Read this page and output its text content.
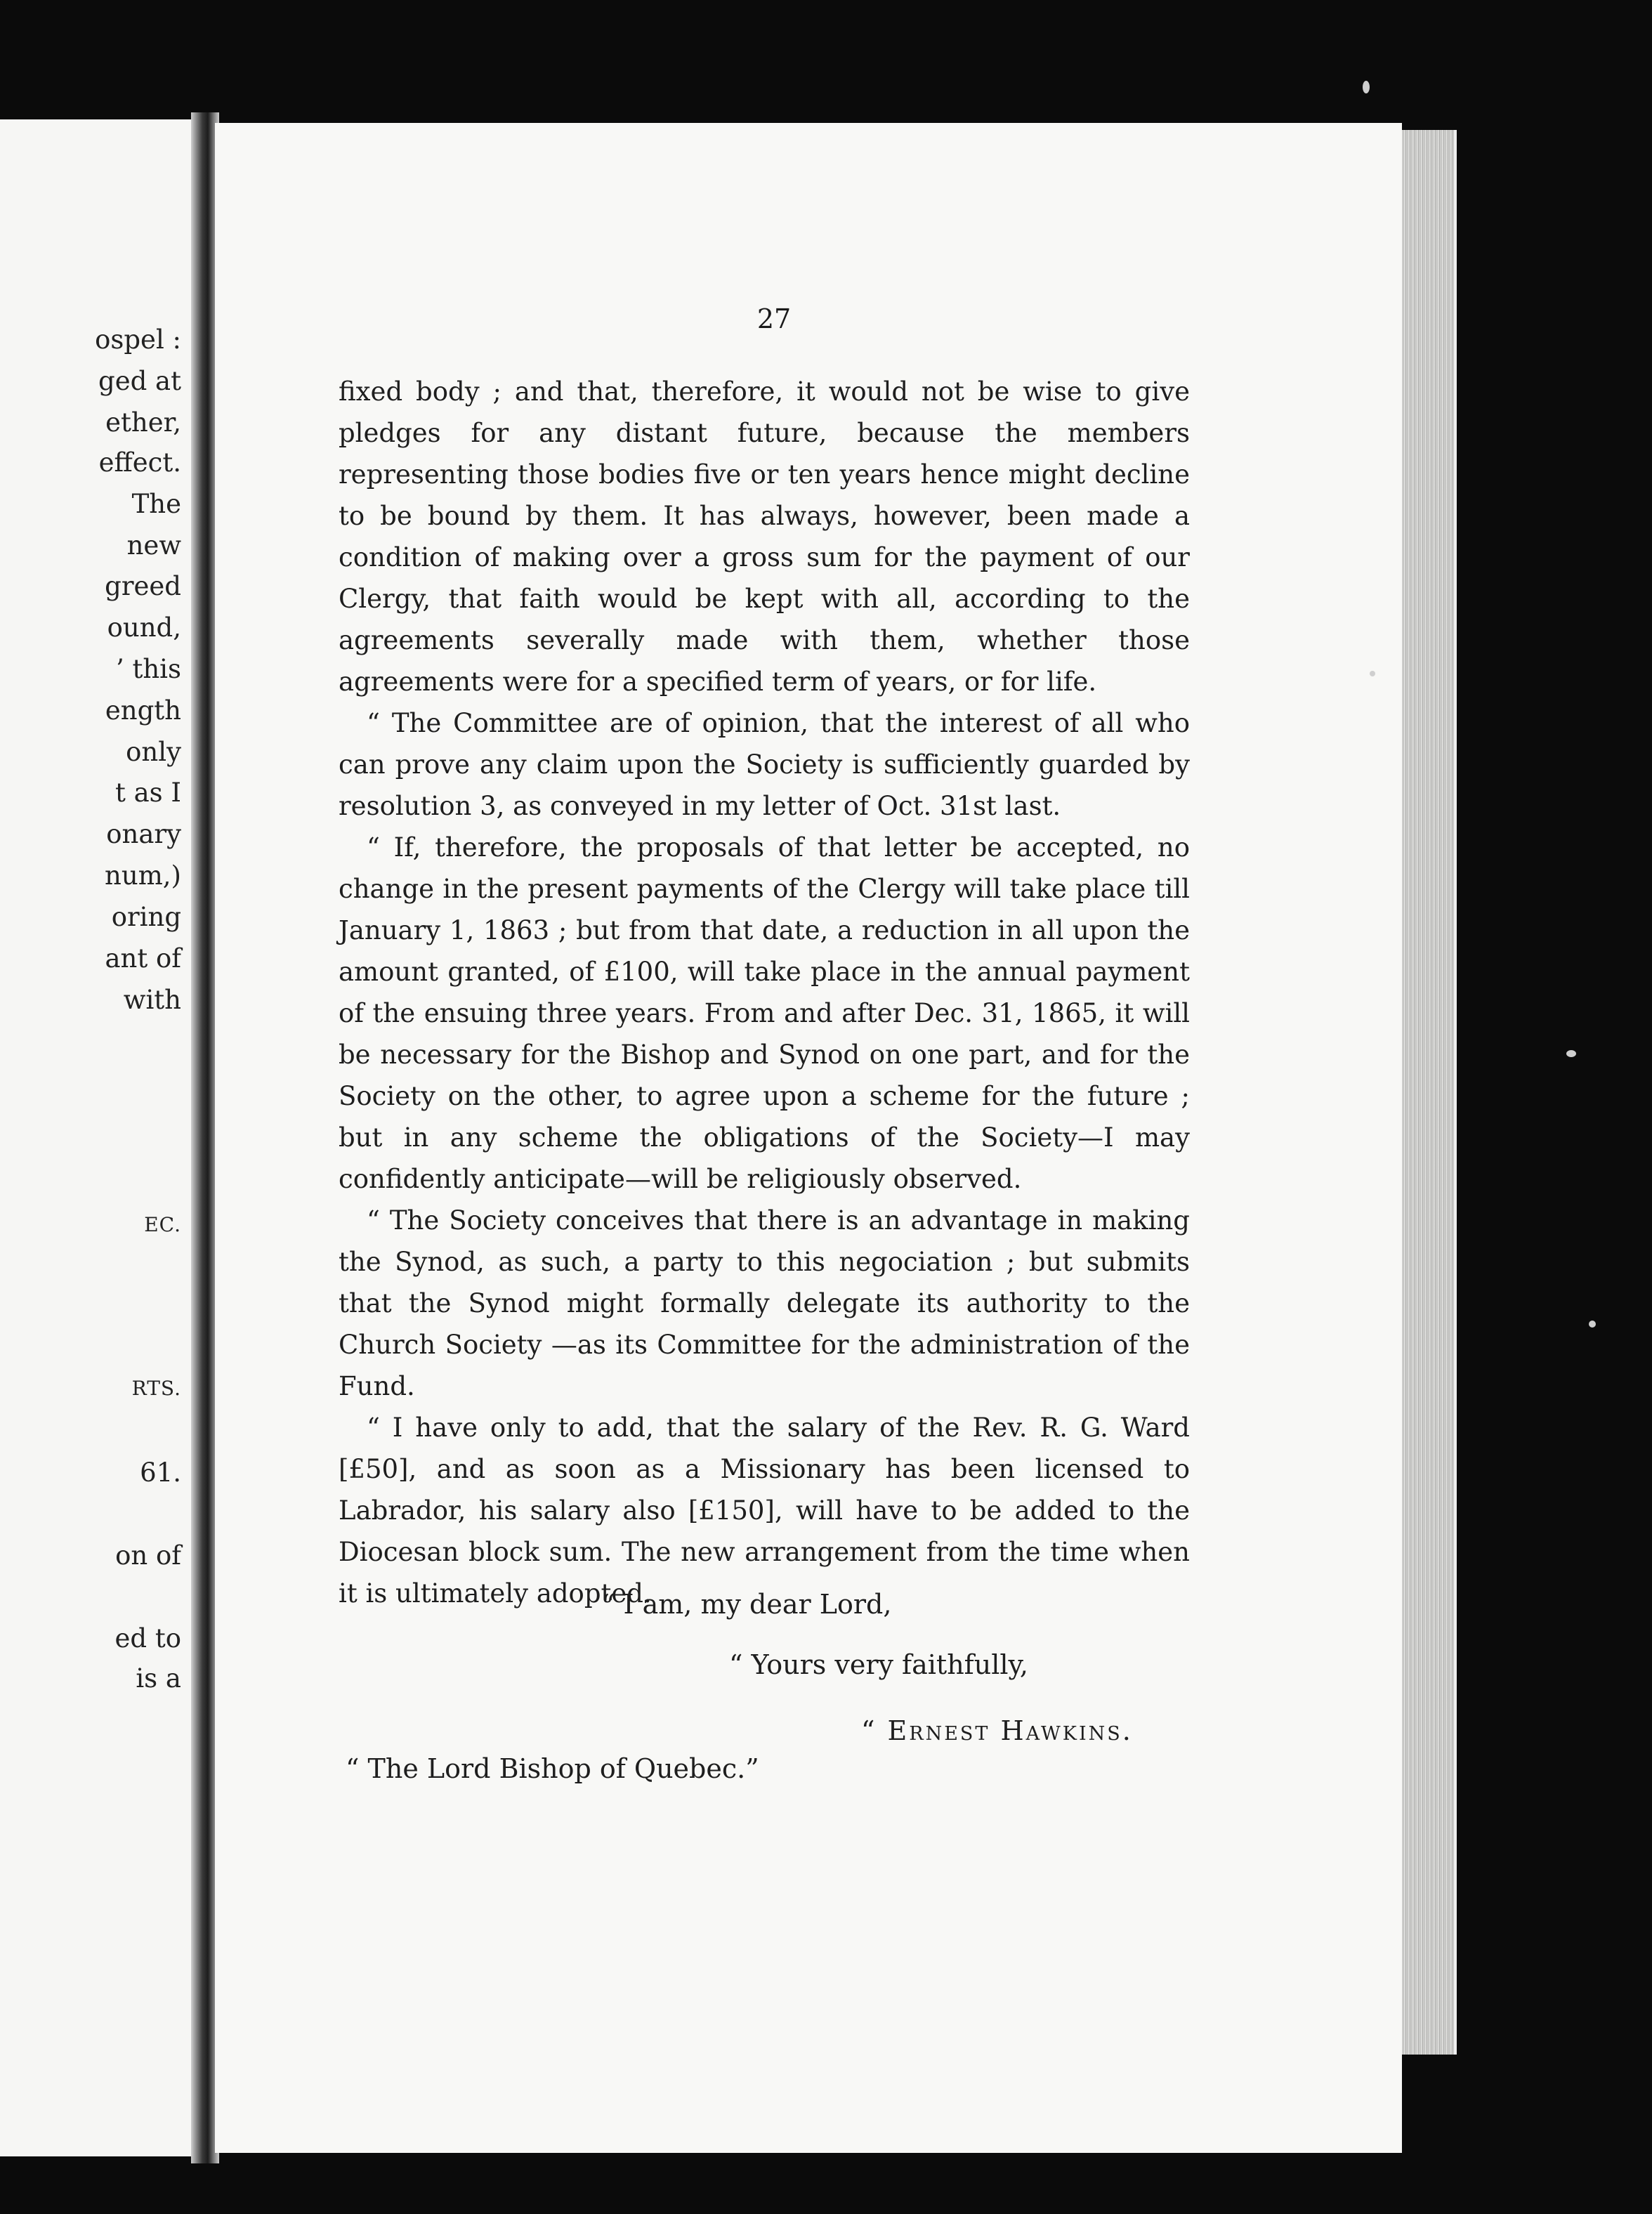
ospel :
ged at
ether,
effect.
The
new
greed
ound,
’ this
ength
only
t as I
onary
num,)
oring
ant of
with
EC.
RTS.
61.
on of
ed to
is a
27

fixed body ; and that, therefore, it would not be wise to give pledges for any distant future, because the members representing those bodies five or ten years hence might decline to be bound by them. It has always, however, been made a condition of making over a gross sum for the payment of our Clergy, that faith would be kept with all, according to the agreements severally made with them, whether those agreements were for a specified term of years, or for life.

“ The Committee are of opinion, that the interest of all who can prove any claim upon the Society is sufficiently guarded by resolution 3, as conveyed in my letter of Oct. 31st last.

“ If, therefore, the proposals of that letter be accepted, no change in the present payments of the Clergy will take place till January 1, 1863 ; but from that date, a reduction in all upon the amount granted, of £100, will take place in the annual payment of the ensuing three years. From and after Dec. 31, 1865, it will be necessary for the Bishop and Synod on one part, and for the Society on the other, to agree upon a scheme for the future ; but in any scheme the obligations of the Society—I may confidently anticipate—will be religiously observed.

“ The Society conceives that there is an advantage in making the Synod, as such, a party to this negociation ; but submits that the Synod might formally delegate its authority to the Church Society —as its Committee for the administration of the Fund.

“ I have only to add, that the salary of the Rev. R. G. Ward [£50], and as soon as a Missionary has been licensed to Labrador, his salary also [£150], will have to be added to the Diocesan block sum. The new arrangement from the time when it is ultimately adopted.

“ I am, my dear Lord,
“ Yours very faithfully,
“ Ernest Hawkins.
“ The Lord Bishop of Quebec.”
